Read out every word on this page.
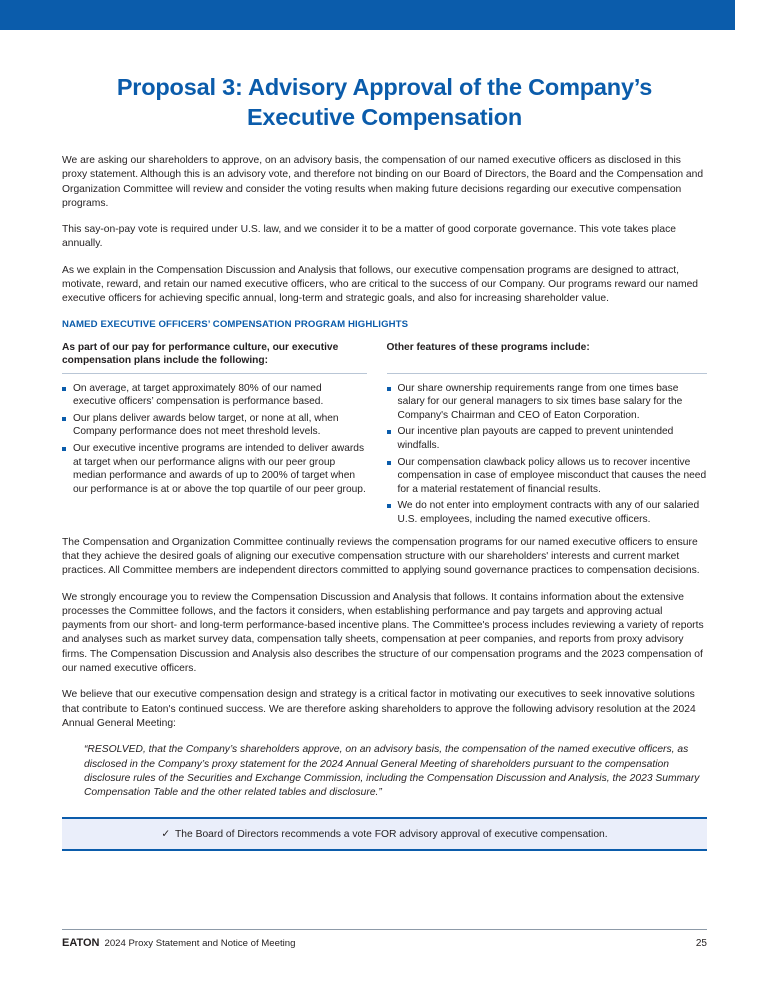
Proposal 3: Advisory Approval of the Company’s Executive Compensation

We are asking our shareholders to approve, on an advisory basis, the compensation of our named executive officers as disclosed in this proxy statement. Although this is an advisory vote, and therefore not binding on our Board of Directors, the Board and the Compensation and Organization Committee will review and consider the voting results when making future decisions regarding our executive compensation programs.

This say-on-pay vote is required under U.S. law, and we consider it to be a matter of good corporate governance. This vote takes place annually.

As we explain in the Compensation Discussion and Analysis that follows, our executive compensation programs are designed to attract, motivate, reward, and retain our named executive officers, who are critical to the success of our Company. Our programs reward our named executive officers for achieving specific annual, long-term and strategic goals, and also for increasing shareholder value.

NAMED EXECUTIVE OFFICERS’ COMPENSATION PROGRAM HIGHLIGHTS
As part of our pay for performance culture, our executive compensation plans include the following:
On average, at target approximately 80% of our named executive officers’ compensation is performance based.
Our plans deliver awards below target, or none at all, when Company performance does not meet threshold levels.
Our executive incentive programs are intended to deliver awards at target when our performance aligns with our peer group median performance and awards of up to 200% of target when our performance is at or above the top quartile of our peer group.
Other features of these programs include:
Our share ownership requirements range from one times base salary for our general managers to six times base salary for the Company's Chairman and CEO of Eaton Corporation.
Our incentive plan payouts are capped to prevent unintended windfalls.
Our compensation clawback policy allows us to recover incentive compensation in case of employee misconduct that causes the need for a material restatement of financial results.
We do not enter into employment contracts with any of our salaried U.S. employees, including the named executive officers.

The Compensation and Organization Committee continually reviews the compensation programs for our named executive officers to ensure that they achieve the desired goals of aligning our executive compensation structure with our shareholders' interests and current market practices. All Committee members are independent directors committed to applying sound governance practices to compensation decisions.

We strongly encourage you to review the Compensation Discussion and Analysis that follows. It contains information about the extensive processes the Committee follows, and the factors it considers, when establishing performance and pay targets and approving actual payments from our short- and long-term performance-based incentive plans. The Committee's process includes reviewing a variety of reports and analyses such as market survey data, compensation tally sheets, compensation at peer companies, and reports from proxy advisory firms. The Compensation Discussion and Analysis also describes the structure of our compensation programs and the 2023 compensation of our named executive officers.

We believe that our executive compensation design and strategy is a critical factor in motivating our executives to seek innovative solutions that contribute to Eaton's continued success. We are therefore asking shareholders to approve the following advisory resolution at the 2024 Annual General Meeting:

“RESOLVED, that the Company’s shareholders approve, on an advisory basis, the compensation of the named executive officers, as disclosed in the Company’s proxy statement for the 2024 Annual General Meeting of shareholders pursuant to the compensation disclosure rules of the Securities and Exchange Commission, including the Compensation Discussion and Analysis, the 2023 Summary Compensation Table and the other related tables and disclosure.”

✓ The Board of Directors recommends a vote FOR advisory approval of executive compensation.
EATON 2024 Proxy Statement and Notice of Meeting	25
